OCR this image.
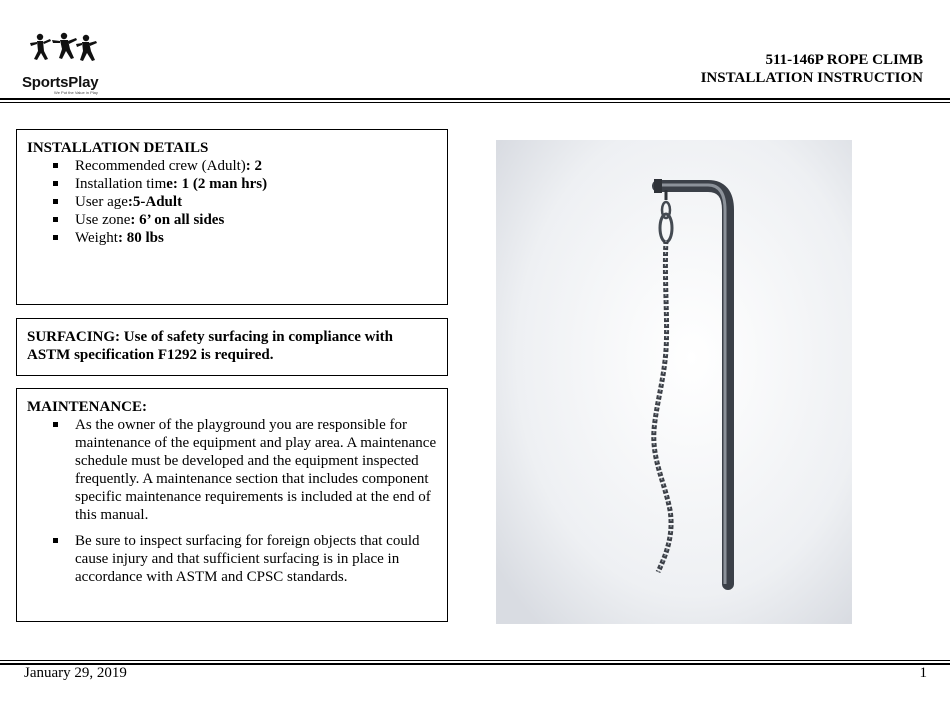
SportsPlay
We Put the Value in Play
511-146P ROPE CLIMB
INSTALLATION INSTRUCTION
INSTALLATION DETAILS
Recommended crew (Adult): 2
Installation time: 1 (2 man hrs)
User age:5-Adult
Use zone: 6’ on all sides
Weight: 80 lbs
SURFACING: Use of safety surfacing in compliance with ASTM specification F1292 is required.
MAINTENANCE:
As the owner of the playground you are responsible for maintenance of the equipment and play area. A maintenance schedule must be developed and the equipment inspected frequently. A maintenance section that includes component specific maintenance requirements is included at the end of this manual.
Be sure to inspect surfacing for foreign objects that could cause injury and that sufficient surfacing is in place in accordance with ASTM and CPSC standards.
January 29, 2019	1
